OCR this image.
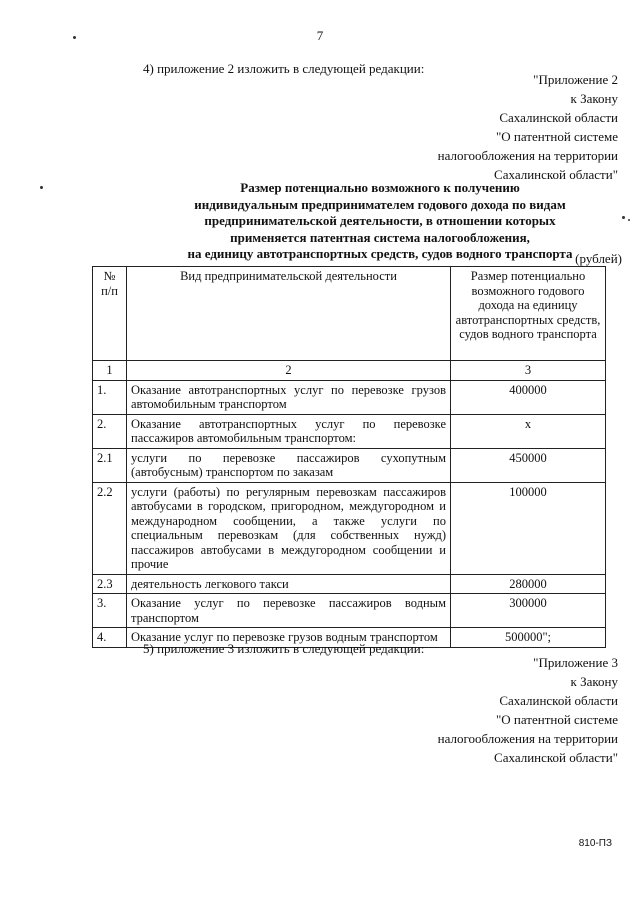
7
4) приложение 2 изложить в следующей редакции:
"Приложение 2
к Закону
Сахалинской области
"О патентной системе
налогообложения на территории
Сахалинской области"
Размер потенциально возможного к получению
индивидуальным предпринимателем годового дохода по видам
предпринимательской деятельности, в отношении которых
применяется патентная система налогообложения,
на единицу автотранспортных средств, судов водного транспорта (рублей)
№ п/п	Вид предпринимательской деятельности	Размер потенциально возможного годового дохода на единицу автотранспортных средств, судов водного транспорта
1	2	3
1.	Оказание автотранспортных услуг по перевозке грузов автомобильным транспортом	400000
2.	Оказание автотранспортных услуг по перевозке пассажиров автомобильным транспортом:	х
2.1	услуги по перевозке пассажиров сухопутным (автобусным) транспортом по заказам	450000
2.2	услуги (работы) по регулярным перевозкам пассажиров автобусами в городском, пригородном, междугородном и международном сообщении, а также услуги по специальным перевозкам (для собственных нужд) пассажиров автобусами в междугородном сообщении и прочие	100000
2.3	деятельность легкового такси	280000
3.	Оказание услуг по перевозке пассажиров водным транспортом	300000
4.	Оказание услуг по перевозке грузов водным транспортом	500000";
5) приложение 3 изложить в следующей редакции:
"Приложение 3
к Закону
Сахалинской области
"О патентной системе
налогообложения на территории
Сахалинской области"
810-ПЗ
